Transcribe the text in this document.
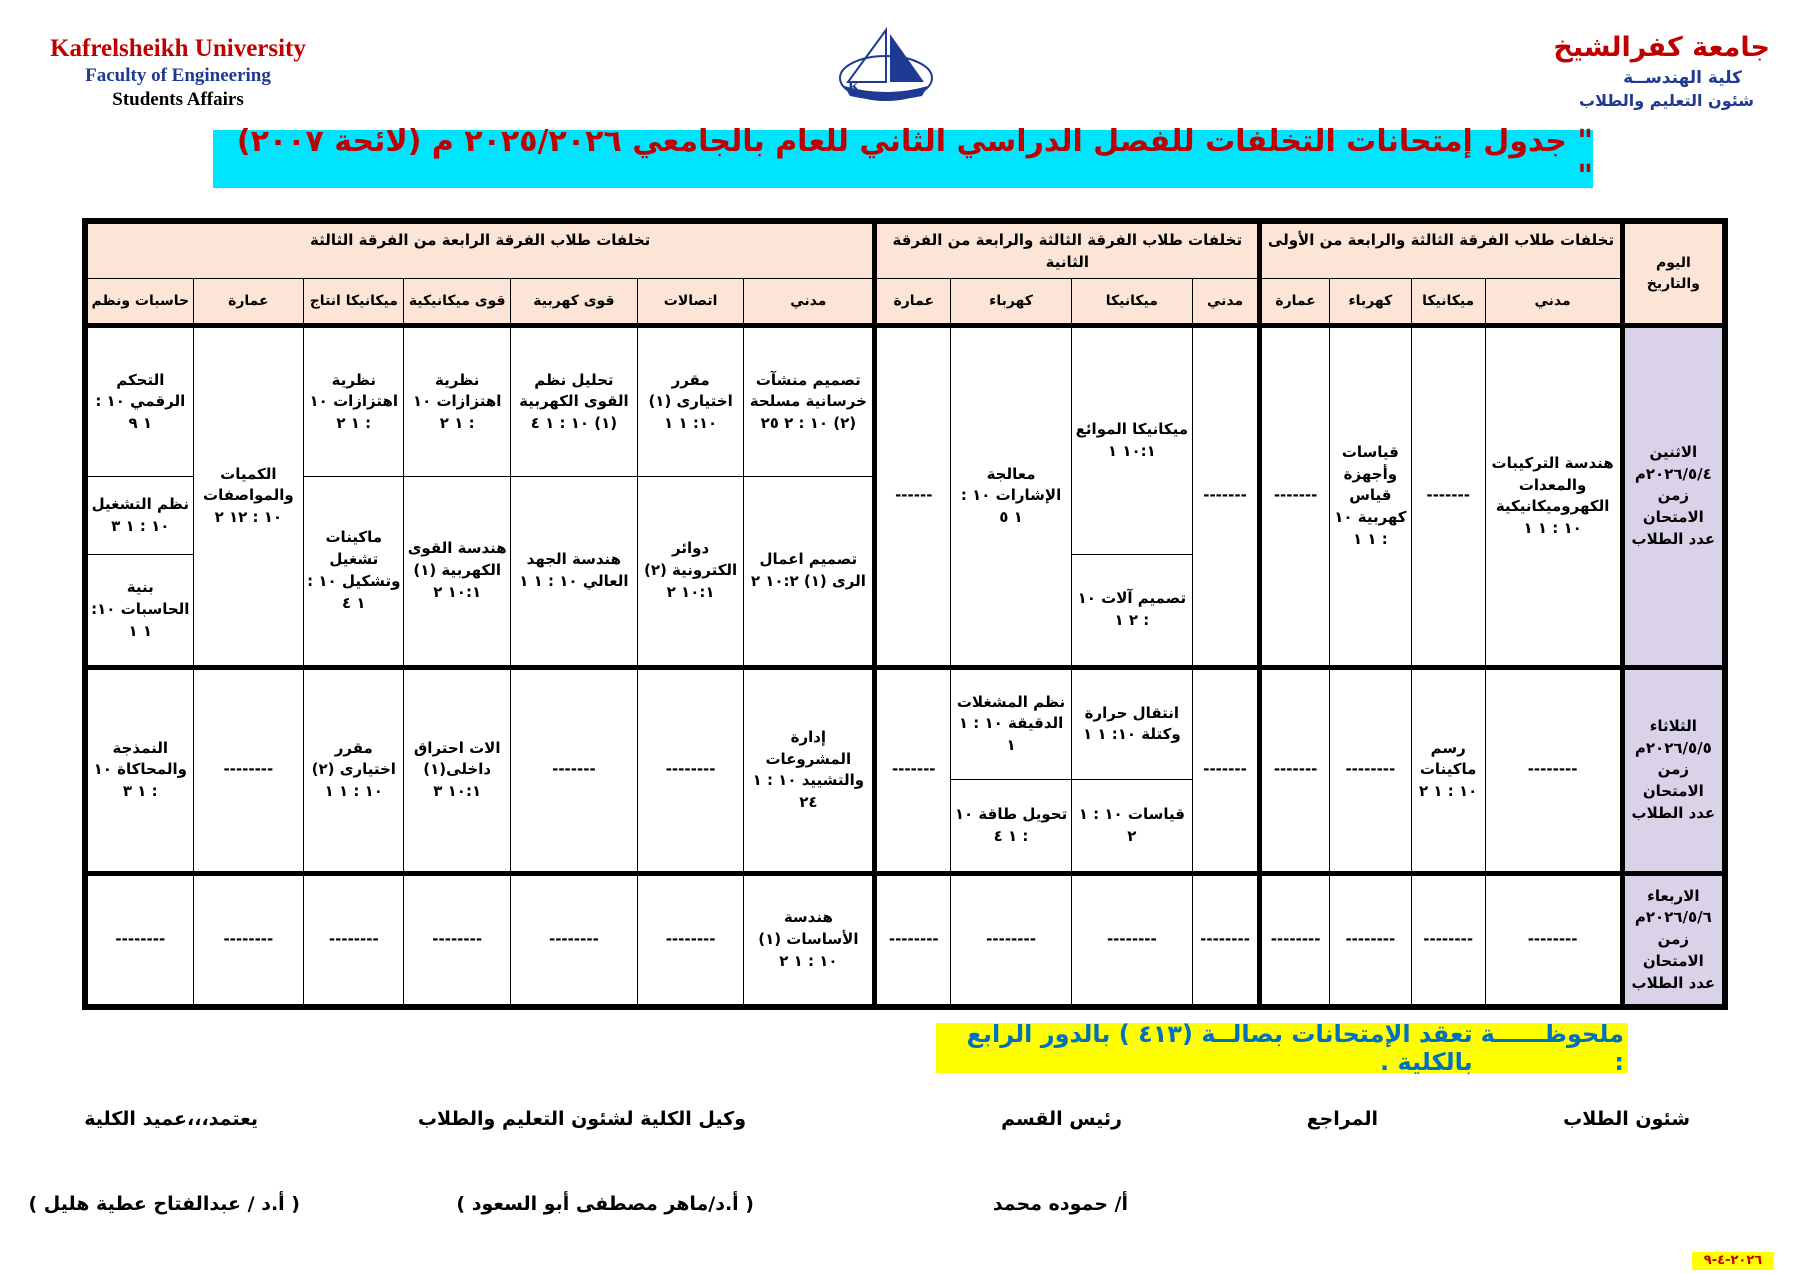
Kafrelsheikh University
Faculty of Engineering
Students Affairs
K
جامعة كفرالشيخ
كلية الهندســة
شئون التعليم والطلاب
" جدول إمتحانات التخلفات للفصل الدراسي الثاني للعام بالجامعي ٢٠٢٥/٢٠٢٦ م (لائحة ٢٠٠٧) "
اليوم والتاريخ	تخلفات طلاب الفرقة الثالثة والرابعة من الأولى				تخلفات طلاب الفرقة الثالثة والرابعة من الفرقة الثانية				تخلفات طلاب الفرقة الرابعة من الفرقة الثالثة						
	مدني	ميكانيكا	كهرباء	عمارة	مدني	ميكانيكا	كهرباء	عمارة	مدني	اتصالات	قوى كهربية	قوى ميكانيكية	ميكانيكا انتاج	عمارة	حاسبات ونظم

الاثنين
٢٠٢٦/٥/٤م
زمن الامتحان
عدد الطلاب	هندسة التركيبات والمعدات الكهروميكانيكية ١٠ : ١ ١	-------	قياسات وأجهزة قياس كهربية ١٠ : ١ ١	-------	-------	ميكانيكا الموائع ١٠:١ ١	معالجة الإشارات ١٠ : ١ ٥	------	تصميم منشآت خرسانية مسلحة (٢) ١٠ : ٢ ٢٥	مقرر اختيارى (١) ١٠: ١ ١	تحليل نظم القوى الكهربية (١) ١٠ : ١ ٤	نظرية اهتزازات ١٠ : ١ ٢	نظرية اهتزازات ١٠ : ١ ٢	الكميات والمواصفات ١٠ : ١٢ ٢	التحكم الرقمي ١٠ : ١ ٩
									تصميم اعمال الرى (١) ١٠:٢ ٢	دوائر الكترونية (٢) ١٠:١ ٢	هندسة الجهد العالي ١٠ : ١ ١	هندسة القوى الكهربية (١) ١٠:١ ٢	ماكينات تشغيل وتشكيل ١٠ : ١ ٤		نظم التشغيل ١٠ : ١ ٣
						تصميم آلات ١٠ : ٢ ١									بنية الحاسبات ١٠: ١ ١

الثلاثاء
٢٠٢٦/٥/٥م
زمن الامتحان
عدد الطلاب	--------	رسم ماكينات ١٠ : ١ ٢	--------	-------	-------	انتقال حرارة وكتلة ١٠: ١ ١	نظم المشغلات الدقيقة ١٠ : ١ ١	-------	إدارة المشروعات والتشييد ١٠ : ١ ٢٤	--------	-------	الات احتراق داخلى(١) ١٠:١ ٣	مقرر اختيارى (٢) ١٠ : ١ ١	--------	النمذجة والمحاكاة ١٠ : ١ ٣
						قياسات ١٠ : ١ ٢	تحويل طاقة ١٠ : ١ ٤								

الاربعاء
٢٠٢٦/٥/٦م
زمن الامتحان
عدد الطلاب	--------	--------	--------	--------	--------	--------	--------	--------	هندسة الأساسات (١) ١٠ : ١ ٢	--------	--------	--------	--------	--------	--------
ملحوظــــــة :
تعقد الإمتحانات بصالــة (٤١٣ ) بالدور الرابع بالكلية .
شئون الطلاب
المراجع
رئيس القسم
وكيل الكلية لشئون التعليم والطلاب
يعتمد،،،عميد الكلية
أ/ حموده محمد
( أ.د/ماهر مصطفى أبو السعود )
( أ.د / عبدالفتاح عطية هليل )
٢٠٢٦-٤-٩
